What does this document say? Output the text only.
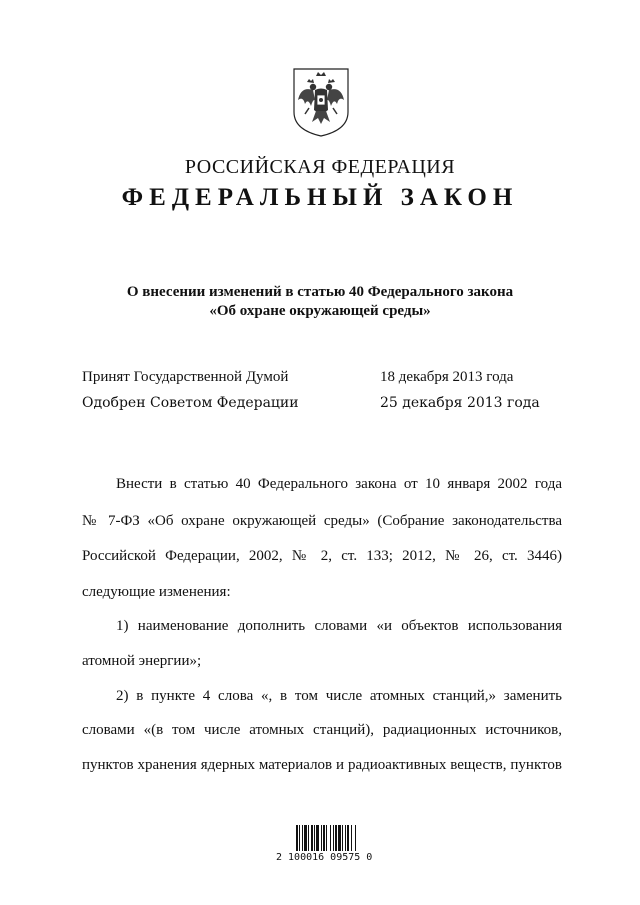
РОССИЙСКАЯ ФЕДЕРАЦИЯ
ФЕДЕРАЛЬНЫЙ ЗАКОН
О внесении изменений в статью 40 Федерального закона
«Об охране окружающей среды»
Принят Государственной Думой	18 декабря 2013 года
Одобрен Советом Федерации	25 декабря 2013 года
Внести в статью 40 Федерального закона от 10 января 2002 года
№ 7-ФЗ «Об охране окружающей среды» (Собрание законодательства
Российской Федерации, 2002, № 2, ст. 133; 2012, № 26, ст. 3446)
следующие изменения:
1) наименование дополнить словами «и объектов использования
атомной энергии»;
2) в пункте 4 слова «, в том числе атомных станций,» заменить
словами «(в том числе атомных станций), радиационных источников,
пунктов хранения ядерных материалов и радиоактивных веществ, пунктов
2 100016 09575 0
